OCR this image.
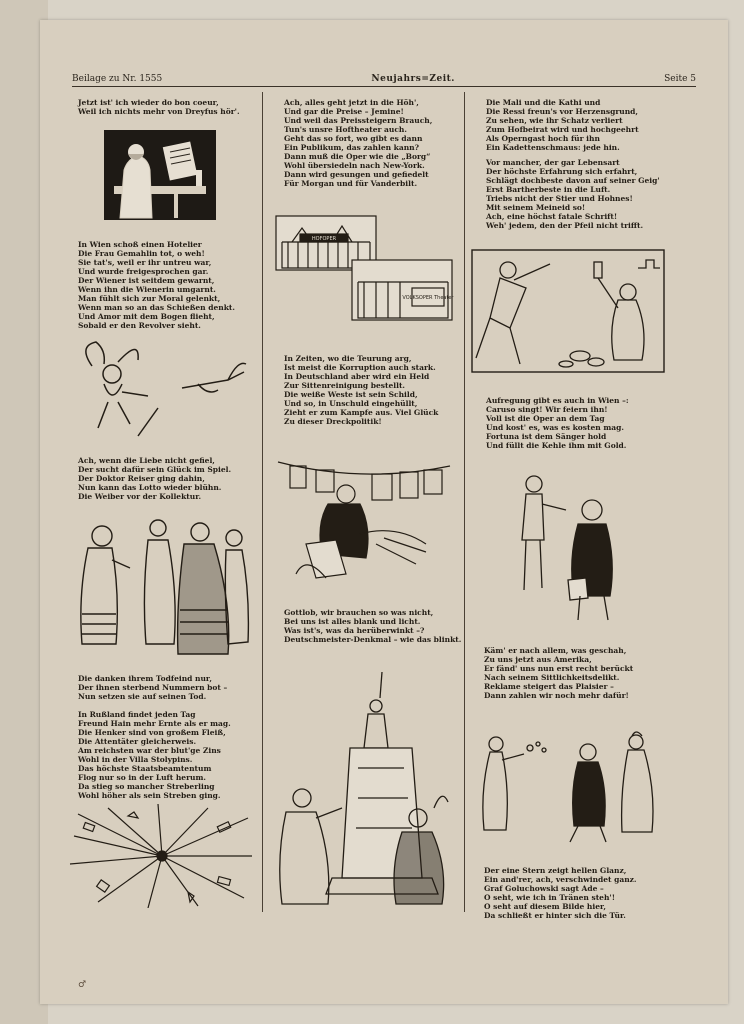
Beilage zu Nr. 1555	Neujahrs=Zeit.	Seite 5
Jetzt ist' ich wieder do bon coeur,
Weil ich nichts mehr von Dreyfus hör'.
In Wien schoß einen Hotelier
Die Frau Gemahlin tot, o weh!
Sie tat's, weil er ihr untreu war,
Und wurde freigesprochen gar.
Der Wiener ist seitdem gewarnt,
Wenn ihn die Wienerin umgarnt.
Man fühlt sich zur Moral gelenkt,
Wenn man so an das Schießen denkt.
Und Amor mit dem Bogen flieht,
Sobald er den Revolver sieht.
Ach, wenn die Liebe nicht gefiel,
Der sucht dafür sein Glück im Spiel.
Der Doktor Reiser ging dahin,
Nun kann das Lotto wieder blühn.
Die Weiber vor der Kollektur.
Die danken ihrem Todfeind nur,
Der ihnen sterbend Nummern bot –
Nun setzen sie auf seinen Tod.
In Rußland findet jeden Tag
Freund Hain mehr Ernte als er mag.
Die Henker sind von großem Fleiß,
Die Attentäter gleicherweis.
Am reichsten war der blut'ge Zins
Wohl in der Villa Stolypins.
Das höchste Staatsbeamtentum
Flog nur so in der Luft herum.
Da stieg so mancher Streberling
Wohl höher als sein Streben ging.
♂
Ach, alles geht jetzt in die Höh',
Und gar die Preise – Jemine!
Und weil das Preissteigern Brauch,
Tun's unsre Hoftheater auch.
Geht das so fort, wo gibt es dann
Ein Publikum, das zahlen kann?
Dann muß die Oper wie die „Borg“
Wohl übersiedeln nach New-York.
Dann wird gesungen und gefiedelt
Für Morgan und für Vanderbilt.
HOFOPER
VOLKSOPER Theater
In Zeiten, wo die Teurung arg,
Ist meist die Korruption auch stark.
In Deutschland aber wird ein Held
Zur Sittenreinigung bestellt.
Die weiße Weste ist sein Schild,
Und so, in Unschuld eingehüllt,
Zieht er zum Kampfe aus. Viel Glück
Zu dieser Dreckpolitik!
Gottlob, wir brauchen so was nicht,
Bei uns ist alles blank und licht.
Was ist's, was da herüberwinkt –?
Deutschmeister-Denkmal – wie das blinkt.
Die Mali und die Kathi und
Die Ressi freun's vor Herzensgrund,
Zu sehen, wie ihr Schatz verliert
Zum Hofbeirat wird und hochgeehrt
Als Operngast hoch für ihn
Ein Kadettenschmaus: jede hin.
Vor mancher, der gar Lebensart
Der höchste Erfahrung sich erfahrt,
Schlägt dochbeste davon auf seiner Geig'
Erst Bartherbeste in die Luft.
Triebs nicht der Stier und Hohnes!
Mit seinem Meineid so!
Ach, eine höchst fatale Schrift!
Weh' jedem, den der Pfeil nicht trifft.
Aufregung gibt es auch in Wien –:
Caruso singt! Wir feiern ihn!
Voll ist die Oper an dem Tag
Und kost' es, was es kosten mag.
Fortuna ist dem Sänger hold
Und füllt die Kehle ihm mit Gold.
Käm' er nach allem, was geschah,
Zu uns jetzt aus Amerika,
Er fänd' uns nun erst recht berückt
Nach seinem Sittlichkeitsdelikt.
Reklame steigert das Plaisier –
Dann zahlen wir noch mehr dafür!
Der eine Stern zeigt hellen Glanz,
Ein and'rer, ach, verschwindet ganz.
Graf Goluchowski sagt Ade –
O seht, wie ich in Tränen steh'!
O seht auf diesem Bilde hier,
Da schließt er hinter sich die Tür.
